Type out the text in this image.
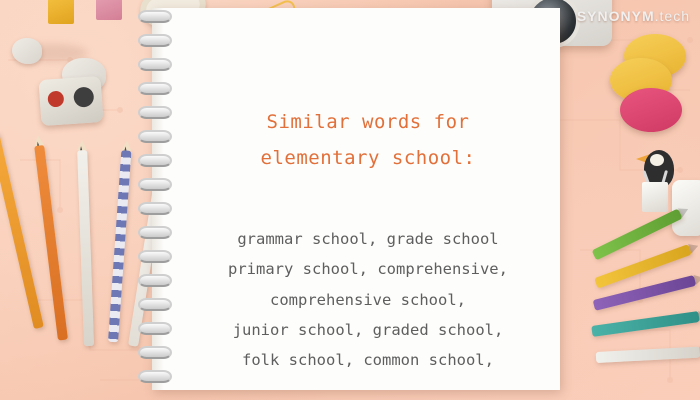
Similar words for
elementary school:
grammar school, grade school
primary school, comprehensive,
comprehensive school,
junior school, graded school,
folk school, common school,
SYNONYM.tech
